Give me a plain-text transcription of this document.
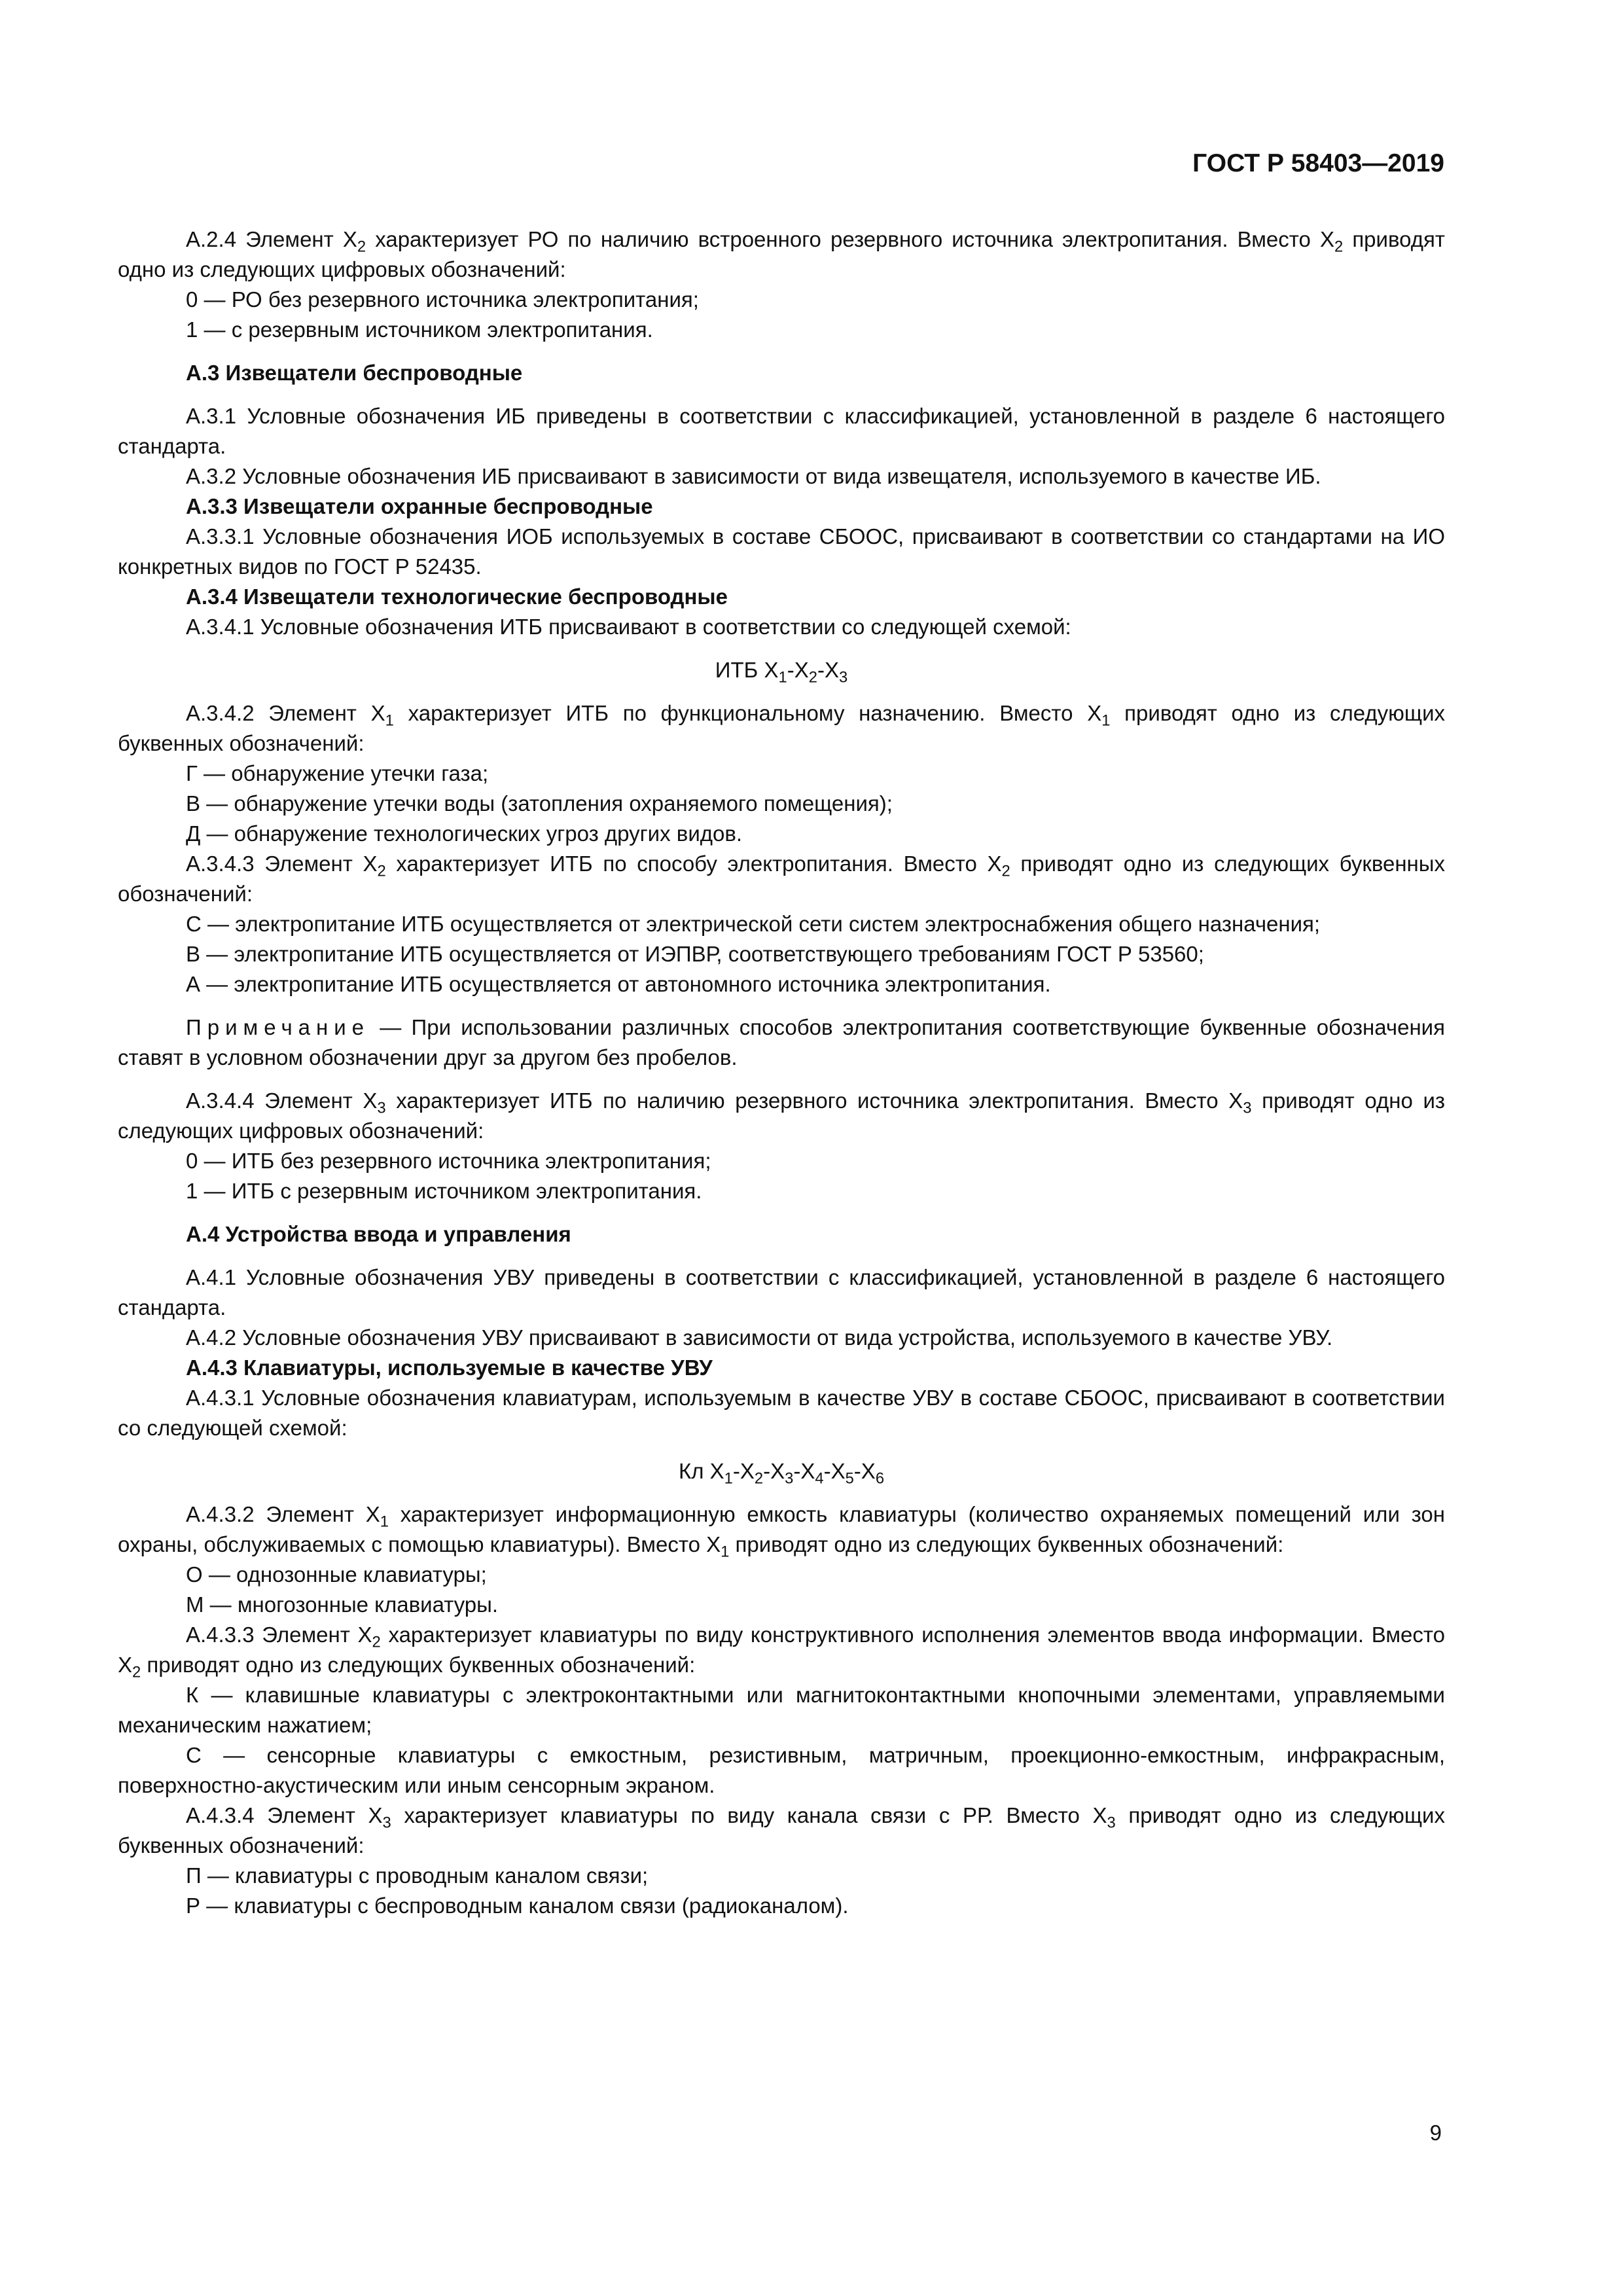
ГОСТ Р 58403—2019

А.2.4 Элемент $X_2$ характеризует РО по наличию встроенного резервного источника электропитания. Вместо $X_2$ приводят одно из следующих цифровых обозначений:

0 — РО без резервного источника электропитания;

1 — с резервным источником электропитания.

А.3 Извещатели беспроводные

А.3.1 Условные обозначения ИБ приведены в соответствии с классификацией, установленной в разделе 6 настоящего стандарта.

А.3.2 Условные обозначения ИБ присваивают в зависимости от вида извещателя, используемого в качестве ИБ.

А.3.3 Извещатели охранные беспроводные

А.3.3.1 Условные обозначения ИОБ используемых в составе СБООС, присваивают в соответствии со стандартами на ИО конкретных видов по ГОСТ Р 52435.

А.3.4 Извещатели технологические беспроводные

А.3.4.1 Условные обозначения ИТБ присваивают в соответствии со следующей схемой:

ИТБ $X_1-X_2-X_3$

А.3.4.2 Элемент $X_1$ характеризует ИТБ по функциональному назначению. Вместо $X_1$ приводят одно из следующих буквенных обозначений:

Г — обнаружение утечки газа;

В — обнаружение утечки воды (затопления охраняемого помещения);

Д — обнаружение технологических угроз других видов.

А.3.4.3 Элемент $X_2$ характеризует ИТБ по способу электропитания. Вместо $X_2$ приводят одно из следующих буквенных обозначений:

С — электропитание ИТБ осуществляется от электрической сети систем электроснабжения общего назначения;

В — электропитание ИТБ осуществляется от ИЭПВР, соответствующего требованиям ГОСТ Р 53560;

А — электропитание ИТБ осуществляется от автономного источника электропитания.

Примечание — При использовании различных способов электропитания соответствующие буквенные обозначения ставят в условном обозначении друг за другом без пробелов.

А.3.4.4 Элемент $X_3$ характеризует ИТБ по наличию резервного источника электропитания. Вместо $X_3$ приводят одно из следующих цифровых обозначений:

0 — ИТБ без резервного источника электропитания;

1 — ИТБ с резервным источником электропитания.

А.4 Устройства ввода и управления

А.4.1 Условные обозначения УВУ приведены в соответствии с классификацией, установленной в разделе 6 настоящего стандарта.

А.4.2 Условные обозначения УВУ присваивают в зависимости от вида устройства, используемого в качестве УВУ.

А.4.3 Клавиатуры, используемые в качестве УВУ

А.4.3.1 Условные обозначения клавиатурам, используемым в качестве УВУ в составе СБООС, присваивают в соответствии со следующей схемой:

Кл $X_1-X_2-X_3-X_4-X_5-X_6$

А.4.3.2 Элемент $X_1$ характеризует информационную емкость клавиатуры (количество охраняемых помещений или зон охраны, обслуживаемых с помощью клавиатуры). Вместо $X_1$ приводят одно из следующих буквенных обозначений:

О — однозонные клавиатуры;

М — многозонные клавиатуры.

А.4.3.3 Элемент $X_2$ характеризует клавиатуры по виду конструктивного исполнения элементов ввода информации. Вместо $X_2$ приводят одно из следующих буквенных обозначений:

К — клавишные клавиатуры с электроконтактными или магнитоконтактными кнопочными элементами, управляемыми механическим нажатием;

С — сенсорные клавиатуры с емкостным, резистивным, матричным, проекционно-емкостным, инфракрасным, поверхностно-акустическим или иным сенсорным экраном.

А.4.3.4 Элемент $X_3$ характеризует клавиатуры по виду канала связи с РР. Вместо $X_3$ приводят одно из следующих буквенных обозначений:

П — клавиатуры с проводным каналом связи;

Р — клавиатуры с беспроводным каналом связи (радиоканалом).

9
